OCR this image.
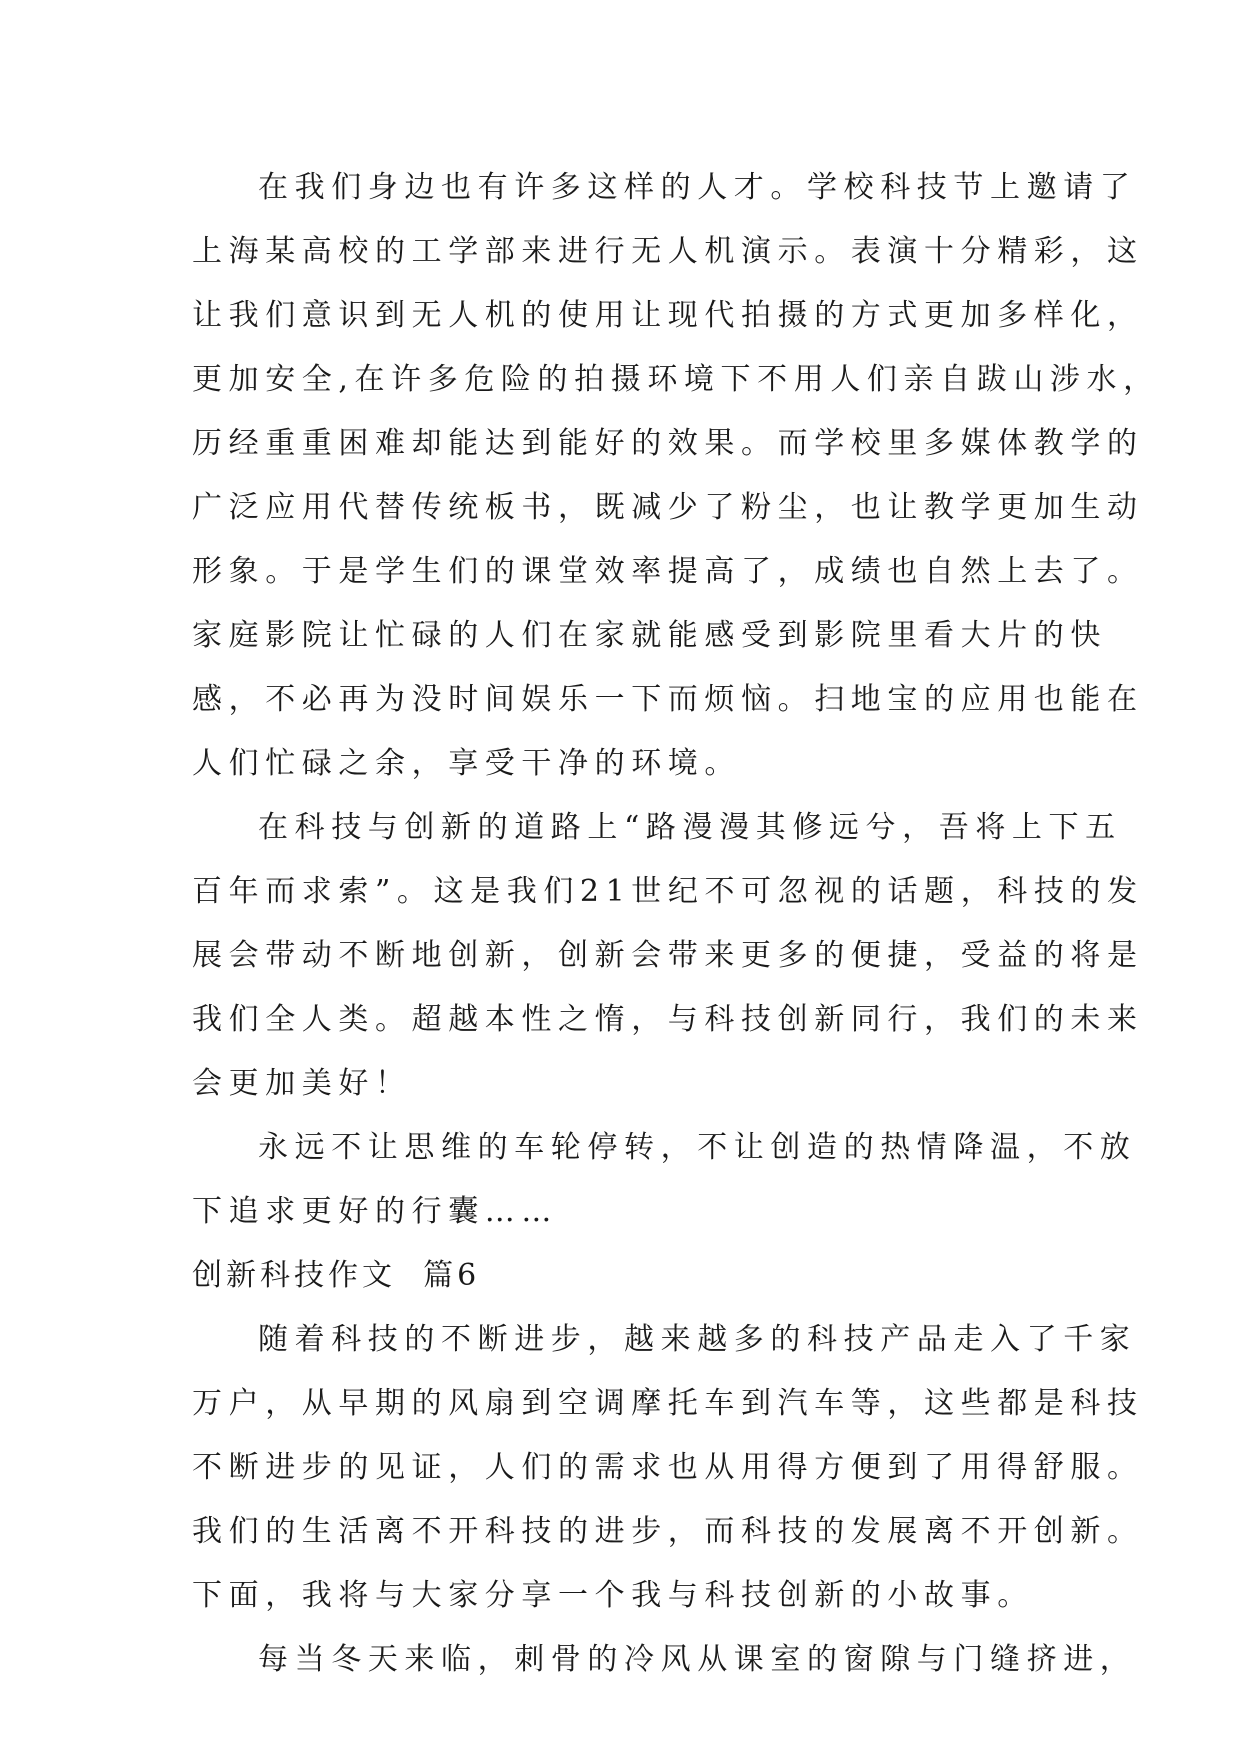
在我们身边也有许多这样的人才。学校科技节上邀请了
上海某高校的工学部来进行无人机演示。表演十分精彩，这
让我们意识到无人机的使用让现代拍摄的方式更加多样化，
更加安全,在许多危险的拍摄环境下不用人们亲自跋山涉水，
历经重重困难却能达到能好的效果。而学校里多媒体教学的
广泛应用代替传统板书，既减少了粉尘，也让教学更加生动
形象。于是学生们的课堂效率提高了，成绩也自然上去了。
家庭影院让忙碌的人们在家就能感受到影院里看大片的快
感，不必再为没时间娱乐一下而烦恼。扫地宝的应用也能在
人们忙碌之余，享受干净的环境。
在科技与创新的道路上“路漫漫其修远兮，吾将上下五
百年而求索”。这是我们21世纪不可忽视的话题，科技的发
展会带动不断地创新，创新会带来更多的便捷，受益的将是
我们全人类。超越本性之惰，与科技创新同行，我们的未来
会更加美好！
永远不让思维的车轮停转，不让创造的热情降温，不放
下追求更好的行囊……
创新科技作文  篇6
随着科技的不断进步，越来越多的科技产品走入了千家
万户，从早期的风扇到空调摩托车到汽车等，这些都是科技
不断进步的见证，人们的需求也从用得方便到了用得舒服。
我们的生活离不开科技的进步，而科技的发展离不开创新。
下面，我将与大家分享一个我与科技创新的小故事。
每当冬天来临，刺骨的冷风从课室的窗隙与门缝挤进，
